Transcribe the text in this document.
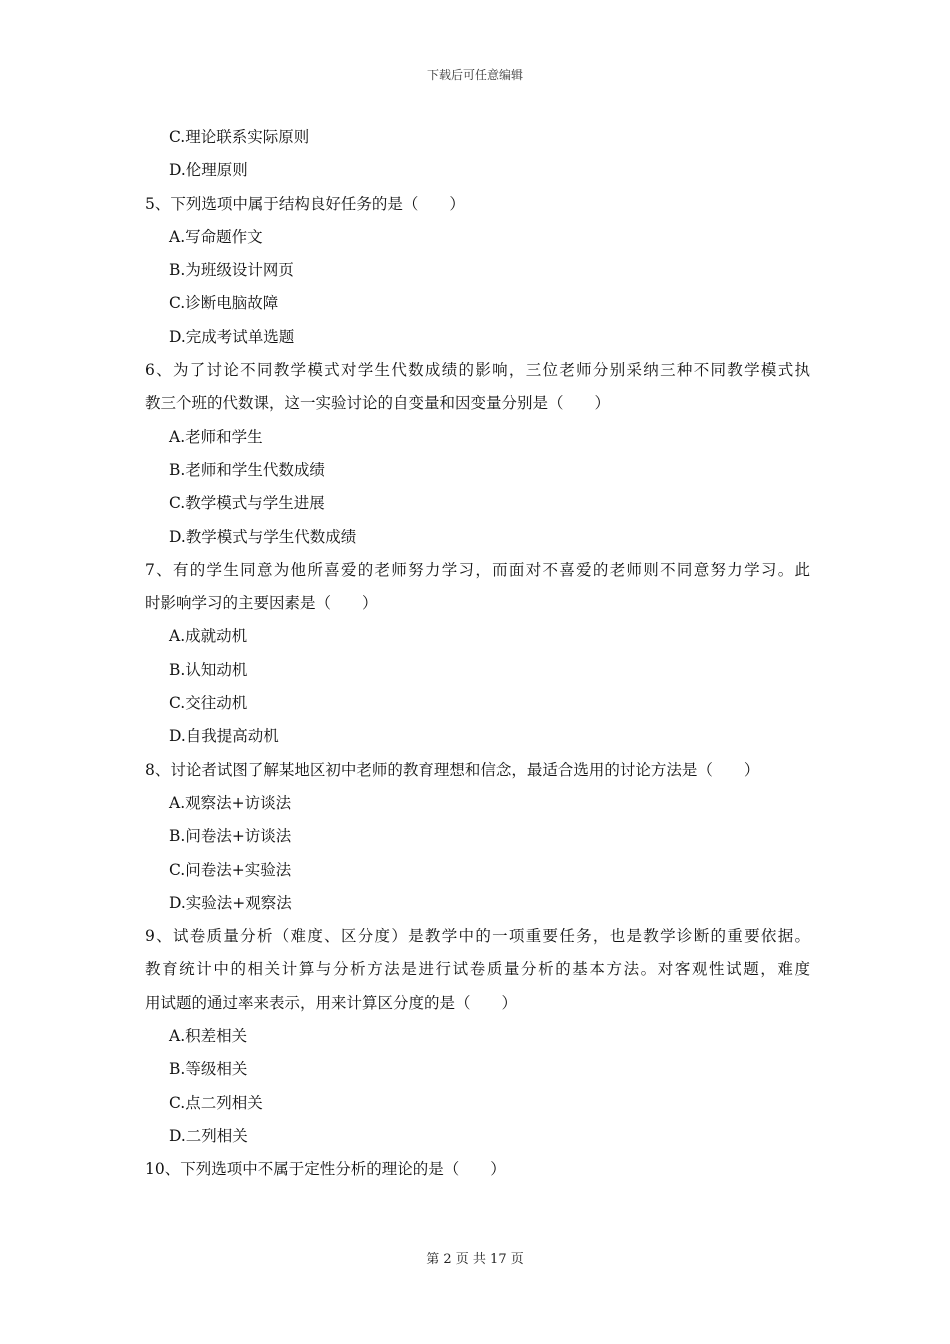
下载后可任意编辑
C.理论联系实际原则
D.伦理原则
5、下列选项中属于结构良好任务的是（　　）
A.写命题作文
B.为班级设计网页
C.诊断电脑故障
D.完成考试单选题
6、为了讨论不同教学模式对学生代数成绩的影响，三位老师分别采纳三种不同教学模式执
教三个班的代数课，这一实验讨论的自变量和因变量分别是（　　）
A.老师和学生
B.老师和学生代数成绩
C.教学模式与学生进展
D.教学模式与学生代数成绩
7、有的学生同意为他所喜爱的老师努力学习，而面对不喜爱的老师则不同意努力学习。此
时影响学习的主要因素是（　　）
A.成就动机
B.认知动机
C.交往动机
D.自我提高动机
8、讨论者试图了解某地区初中老师的教育理想和信念，最适合选用的讨论方法是（　　）
A.观察法+访谈法
B.问卷法+访谈法
C.问卷法+实验法
D.实验法+观察法
9、试卷质量分析（难度、区分度）是教学中的一项重要任务，也是教学诊断的重要依据。
教育统计中的相关计算与分析方法是进行试卷质量分析的基本方法。对客观性试题，难度
用试题的通过率来表示，用来计算区分度的是（　　）
A.积差相关
B.等级相关
C.点二列相关
D.二列相关
10、下列选项中不属于定性分析的理论的是（　　）
第 2 页 共 17 页
